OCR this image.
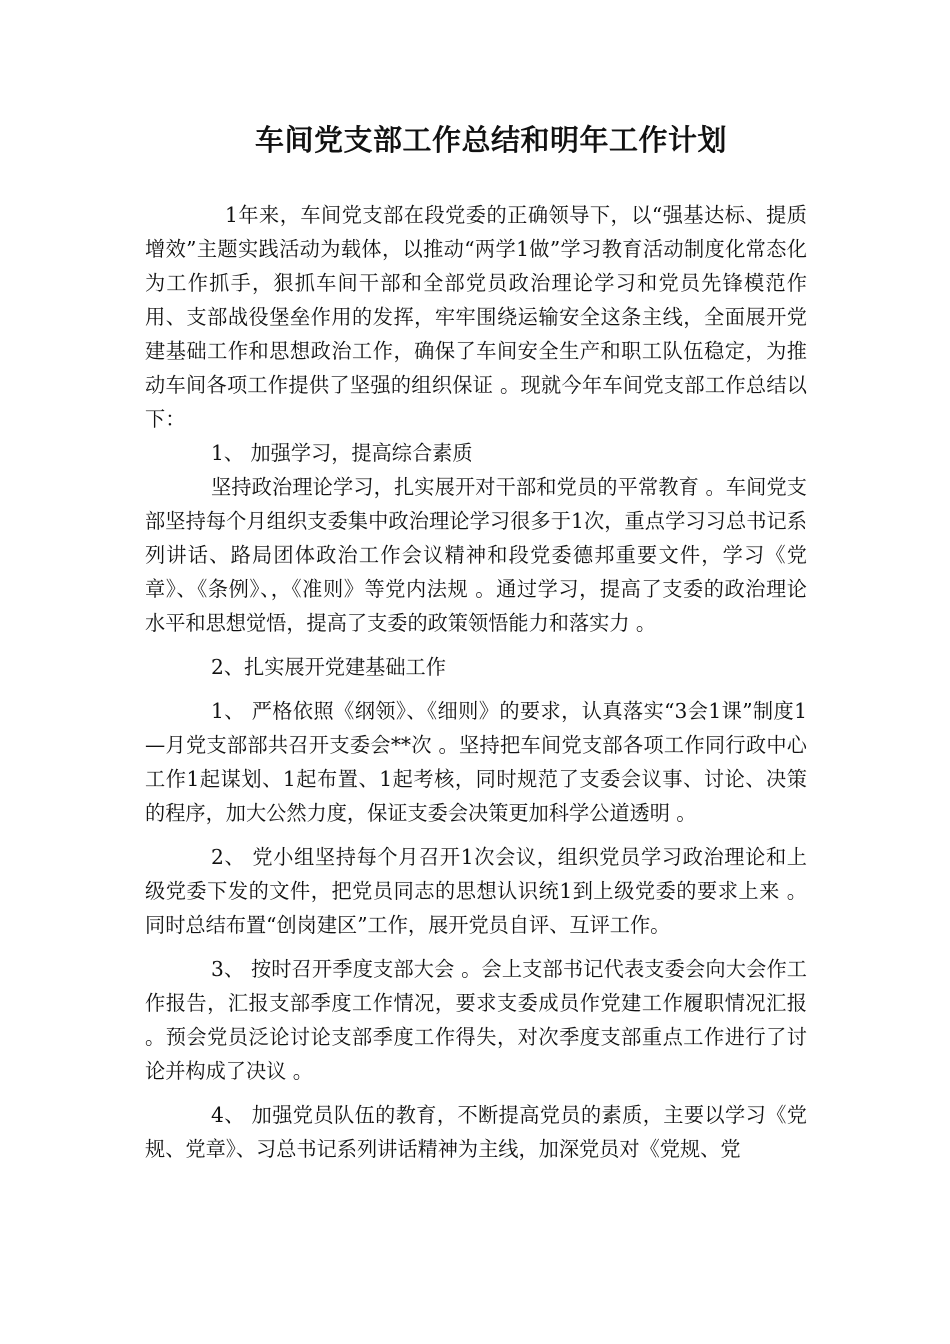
车间党支部工作总结和明年工作计划

1年来，车间党支部在段党委的正确领导下，以“强基达标、提质增效”主题实践活动为载体，以推动“两学1做”学习教育活动制度化常态化为工作抓手，狠抓车间干部和全部党员政治理论学习和党员先锋模范作用、支部战役堡垒作用的发挥，牢牢围绕运输安全这条主线，全面展开党建基础工作和思想政治工作，确保了车间安全生产和职工队伍稳定，为推动车间各项工作提供了坚强的组织保证 。现就今年车间党支部工作总结以下：

1、 加强学习，提高综合素质

坚持政治理论学习，扎实展开对干部和党员的平常教育 。车间党支部坚持每个月组织支委集中政治理论学习很多于1次，重点学习习总书记系列讲话、路局团体政治工作会议精神和段党委德邦重要文件，学习《党章》、《条例》、，《准则》等党内法规 。通过学习，提高了支委的政治理论水平和思想觉悟，提高了支委的政策领悟能力和落实力 。

2、扎实展开党建基础工作

1、 严格依照《纲领》、《细则》的要求，认真落实“3会1课”制度1—月党支部部共召开支委会**次 。坚持把车间党支部各项工作同行政中心工作1起谋划、1起布置、1起考核，同时规范了支委会议事、讨论、决策的程序，加大公然力度，保证支委会决策更加科学公道透明 。

2、 党小组坚持每个月召开1次会议，组织党员学习政治理论和上级党委下发的文件，把党员同志的思想认识统1到上级党委的要求上来 。同时总结布置“创岗建区”工作，展开党员自评、互评工作。

3、 按时召开季度支部大会 。会上支部书记代表支委会向大会作工作报告，汇报支部季度工作情况，要求支委成员作党建工作履职情况汇报 。预会党员泛论讨论支部季度工作得失，对次季度支部重点工作进行了讨论并构成了决议 。

4、 加强党员队伍的教育，不断提高党员的素质，主要以学习《党规、党章》、习总书记系列讲话精神为主线，加深党员对《党规、党
